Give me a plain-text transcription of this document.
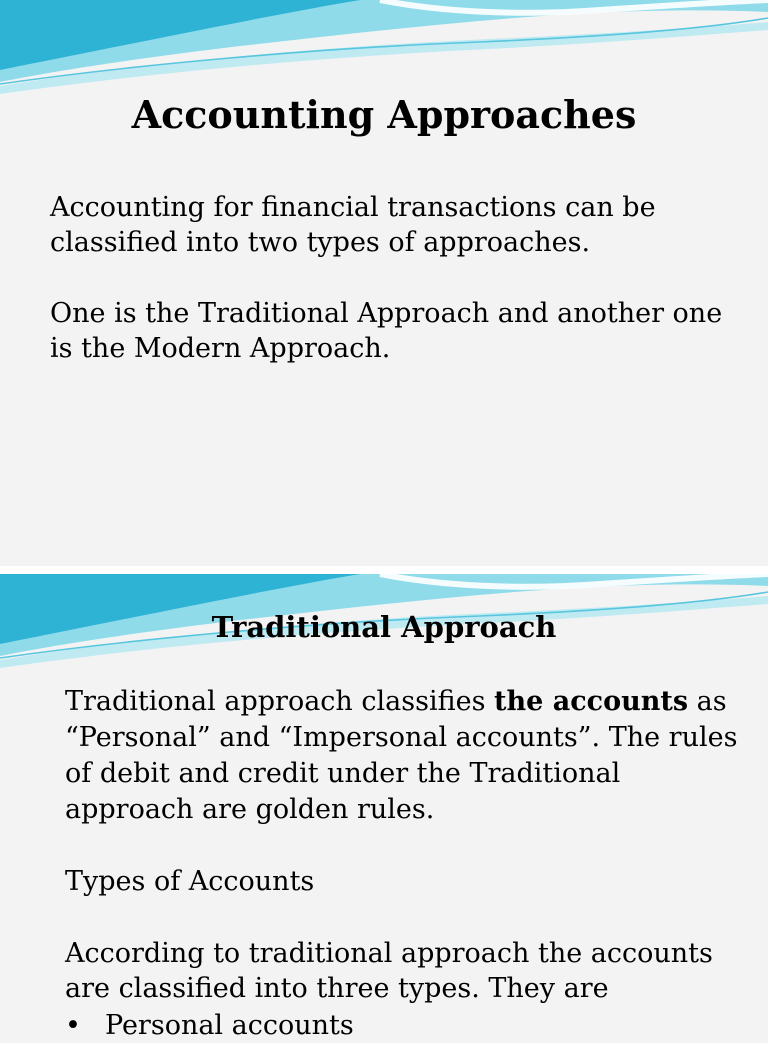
Accounting Approaches

Accounting for financial transactions can be classified into two types of approaches.

One is the Traditional Approach and another one is the Modern Approach.

Traditional Approach

Traditional approach classifies the accounts as “Personal” and “Impersonal accounts”. The rules of debit and credit under the Traditional approach are golden rules.

Types of Accounts

According to traditional approach the accounts are classified into three types. They are

• Personal accounts
